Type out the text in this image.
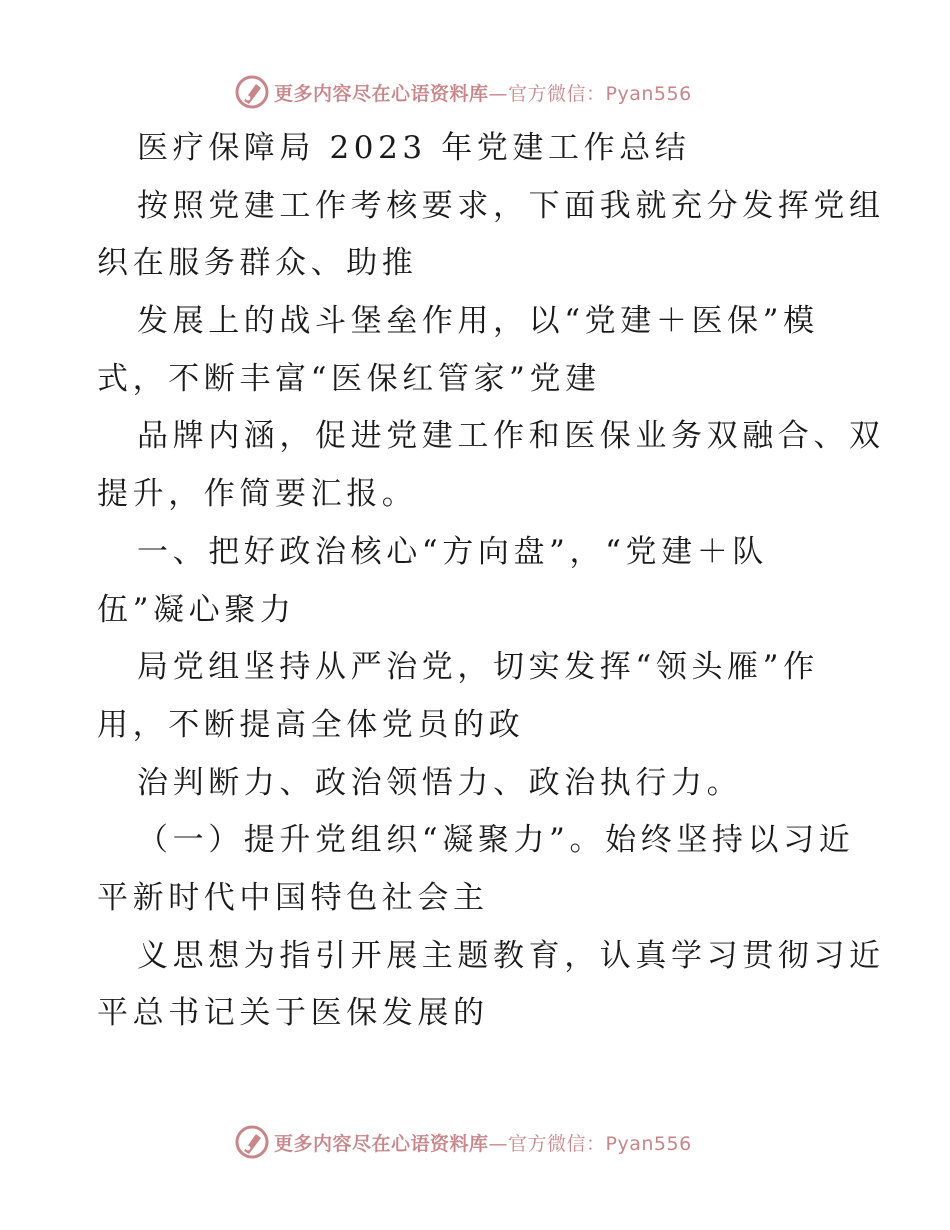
更多内容尽在心语资料库 —官方微信：Pyan556
医疗保障局 2023 年党建工作总结
按照党建工作考核要求，下面我就充分发挥党组
织在服务群众、助推
发展上的战斗堡垒作用，以“党建＋医保”模
式，不断丰富“医保红管家”党建
品牌内涵，促进党建工作和医保业务双融合、双
提升，作简要汇报。
一、把好政治核心“方向盘”，“党建＋队
伍”凝心聚力
局党组坚持从严治党，切实发挥“领头雁”作
用，不断提高全体党员的政
治判断力、政治领悟力、政治执行力。
（一）提升党组织“凝聚力”。始终坚持以习近
平新时代中国特色社会主
义思想为指引开展主题教育，认真学习贯彻习近
平总书记关于医保发展的
更多内容尽在心语资料库 —官方微信：Pyan556
